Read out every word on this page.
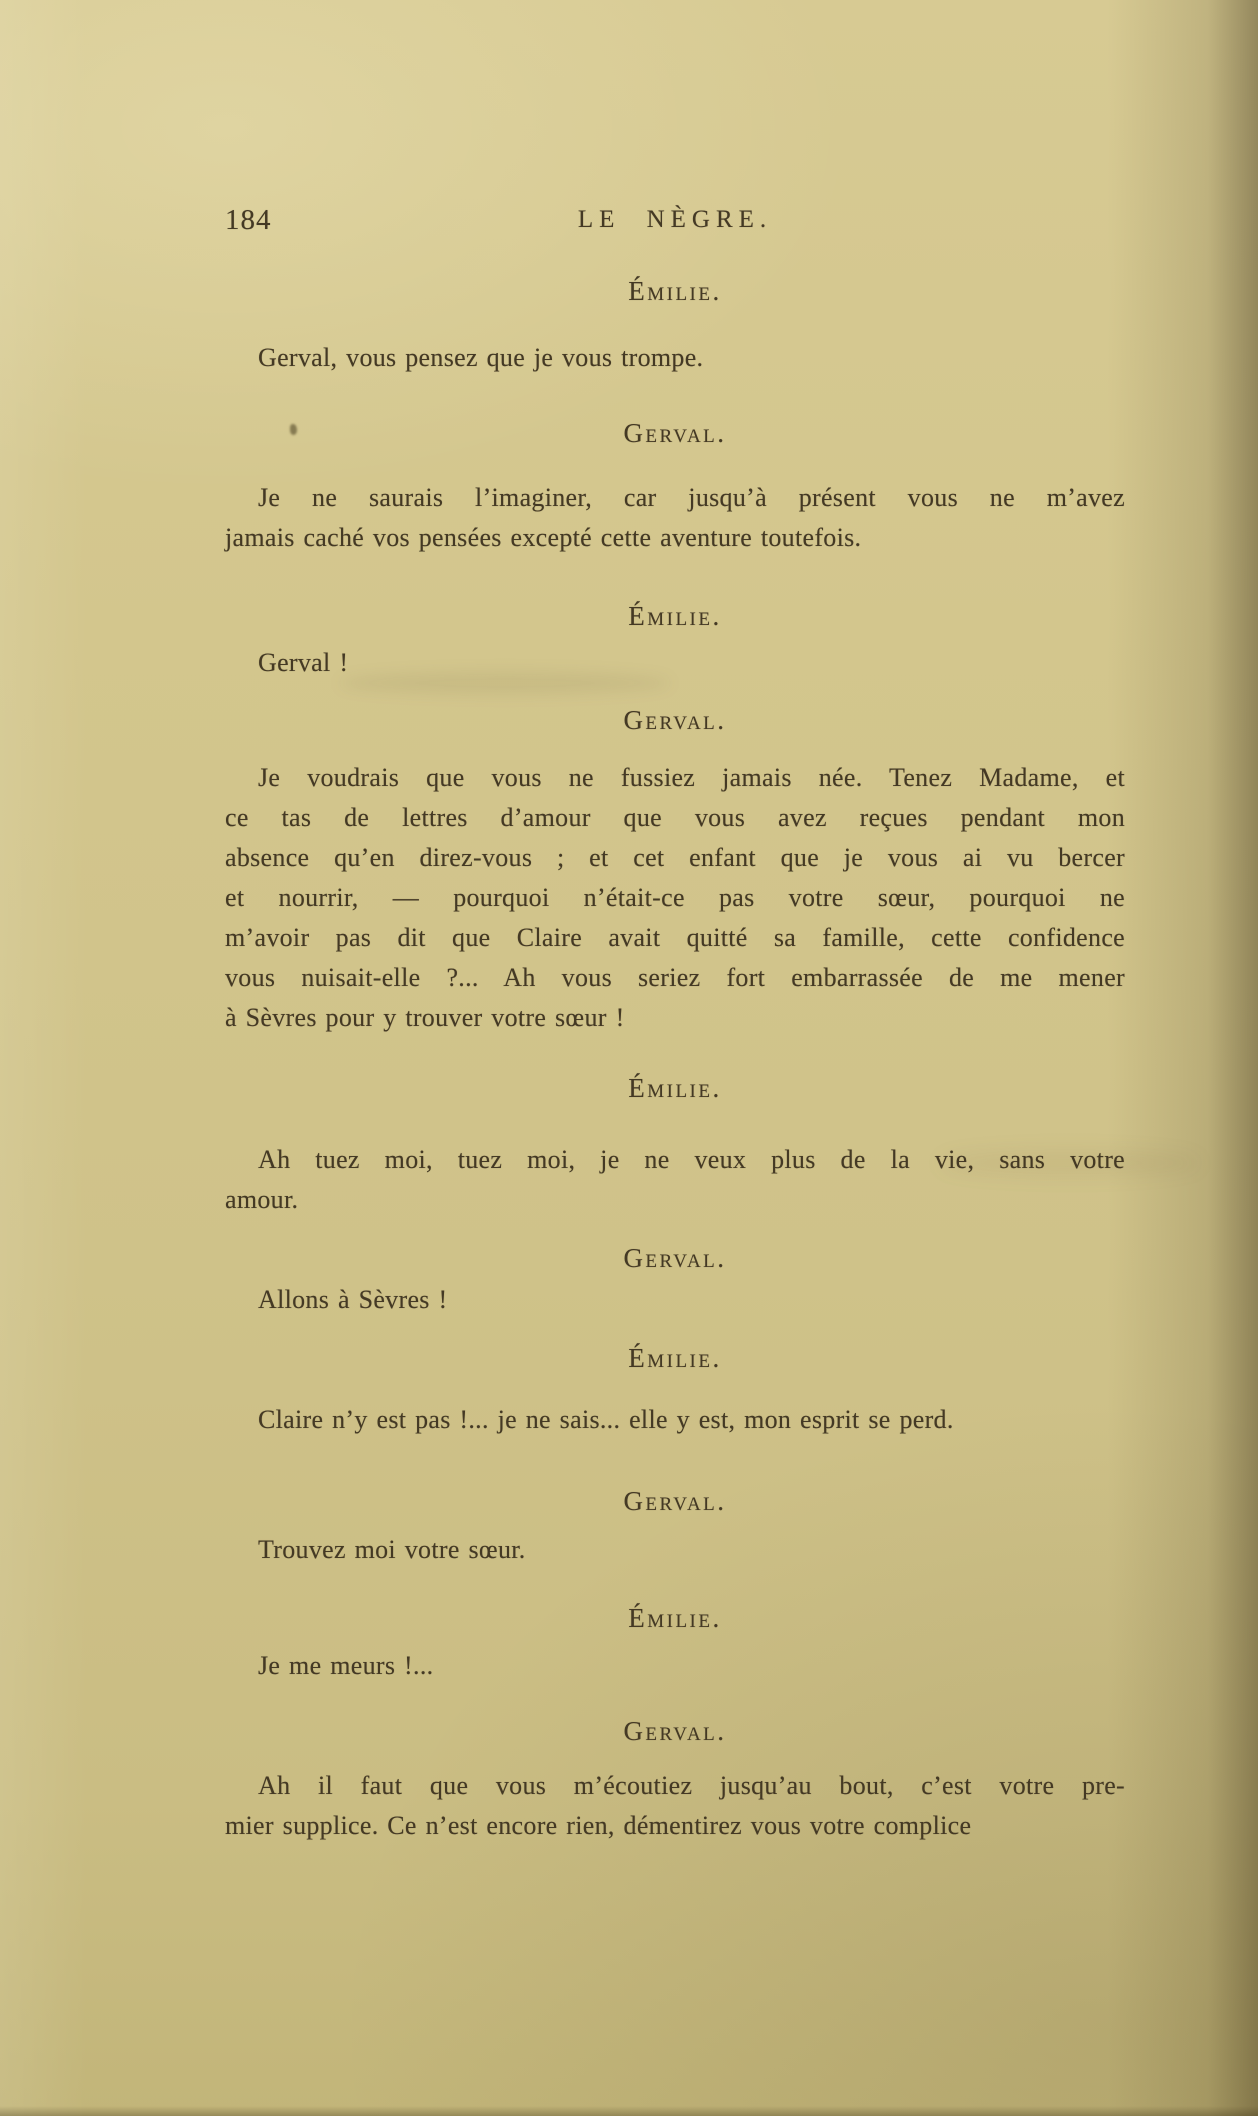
184	LE NÈGRE.
Émilie.
Gerval, vous pensez que je vous trompe.
Gerval.
Je ne saurais l’imaginer, car jusqu’à présent vous ne m’avez
jamais caché vos pensées excepté cette aventure toutefois.
Émilie.
Gerval !
Gerval.
Je voudrais que vous ne fussiez jamais née. Tenez Madame, et
ce tas de lettres d’amour que vous avez reçues pendant mon
absence qu’en direz-vous ; et cet enfant que je vous ai vu bercer
et nourrir, — pourquoi n’était-ce pas votre sœur, pourquoi ne
m’avoir pas dit que Claire avait quitté sa famille, cette confidence
vous nuisait-elle ?... Ah vous seriez fort embarrassée de me mener
à Sèvres pour y trouver votre sœur !
Émilie.
Ah tuez moi, tuez moi, je ne veux plus de la vie, sans votre
amour.
Gerval.
Allons à Sèvres !
Émilie.
Claire n’y est pas !... je ne sais... elle y est, mon esprit se perd.
Gerval.
Trouvez moi votre sœur.
Émilie.
Je me meurs !...
Gerval.
Ah il faut que vous m’écoutiez jusqu’au bout, c’est votre pre-
mier supplice. Ce n’est encore rien, démentirez vous votre complice
